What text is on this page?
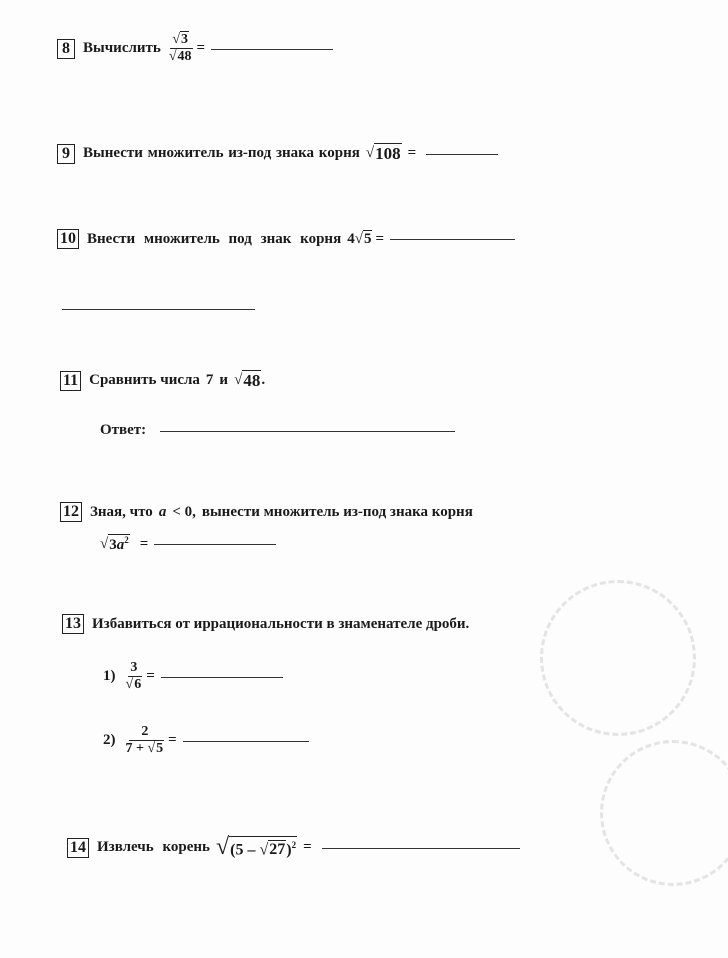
8 Вычислить $\frac{√3}{√48}$ =
9 Вынести множитель из-под знака корня √ 108 =
10 Внести множитель под знак корня 4 √ 5 =
11 Сравнить числа 7 и √ 48 .
Ответ:
12 Зная, что a < 0, вынести множитель из-под знака корня
√ $3a^2$ =
13 Избавиться от иррациональности в знаменателе дроби.
$1) \frac{3}{√6}$ =
$2) \frac{2}{7 + √5}$ =
14 Извлечь корень √ (5 – √27)$^2$ =
